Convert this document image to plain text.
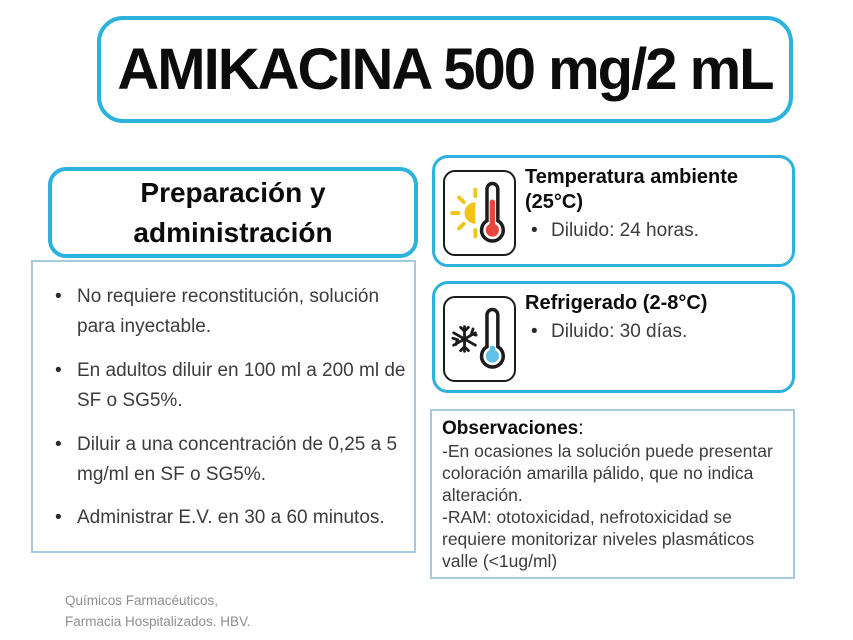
AMIKACINA 500 mg/2 mL
Preparación y administración
• No requiere reconstitución, solución para inyectable.
• En adultos diluir en 100 ml a 200 ml de SF o SG5%.
• Diluir a una concentración de 0,25 a 5 mg/ml en SF o SG5%.
• Administrar E.V. en 30 a 60 minutos.
Temperatura ambiente (25°C)
• Diluido: 24 horas.
Refrigerado (2-8°C)
• Diluido: 30 días.
Observaciones:

-En ocasiones la solución puede presentar coloración amarilla pálido, que no indica alteración.

-RAM: ototoxicidad, nefrotoxicidad se requiere monitorizar niveles plasmáticos valle (<1ug/ml)

Químicos Farmacéuticos,
Farmacia Hospitalizados. HBV.
